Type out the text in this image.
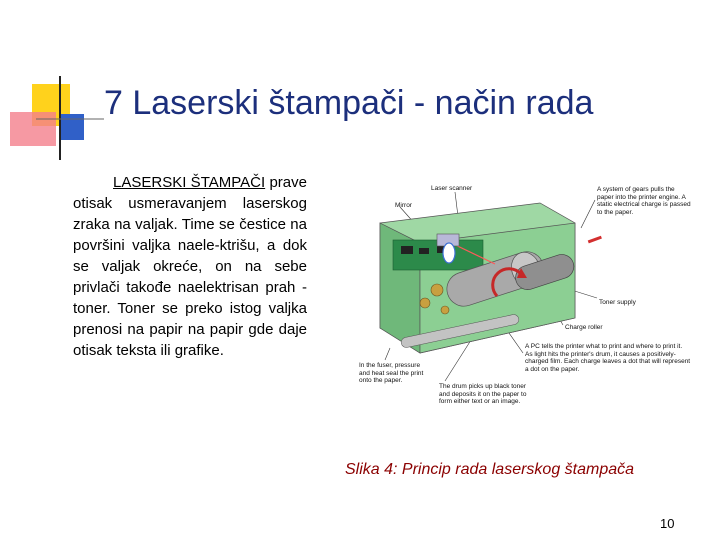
7 Laserski štampači - način rada
LASERSKI ŠTAMPAČI prave otisak usmeravanjem laserskog zraka na valjak. Time se čestice na površini valjka naele-ktrišu, a dok se valjak okreće, on na sebe privlači takođe naelektrisan prah - toner. Toner se preko istog valjka prenosi na papir na papir gde daje otisak teksta ili grafike.
Laser scanner
Mirror
A system of gears pulls the paper into the printer engine. A static electrical charge is passed to the paper.
Toner supply
Charge roller
A PC tells the printer what to print and where to print it. As light hits the printer's drum, it causes a positively-charged film. Each charge leaves a dot that will represent a dot on the paper.
In the fuser, pressure and heat seal the print onto the paper.
The drum picks up black toner and deposits it on the paper to form either text or an image.
Slika 4: Princip rada laserskog štampača
10
